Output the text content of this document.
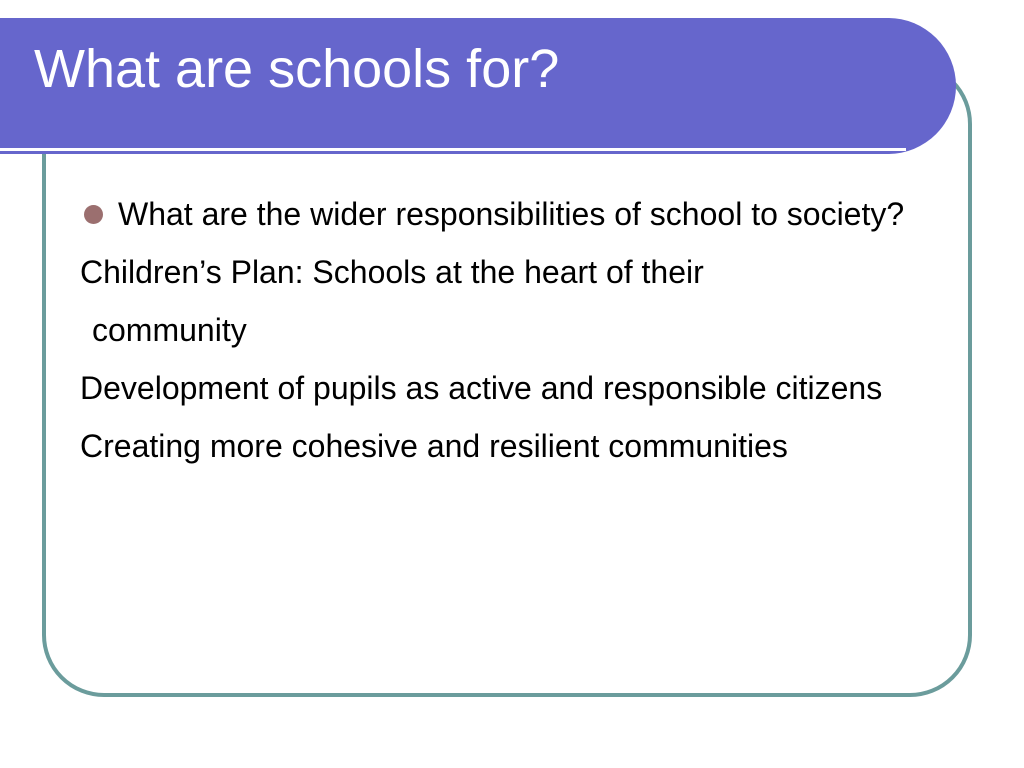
What are schools for?

What are the wider responsibilities of school to society?

Children’s Plan: Schools at the heart of their

community

Development of pupils as active and responsible citizens

Creating more cohesive and resilient communities
